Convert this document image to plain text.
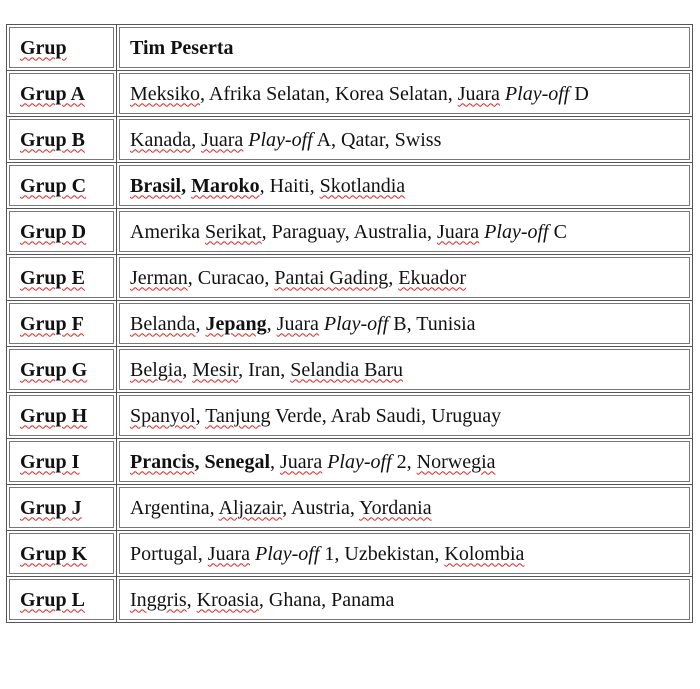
Grup	Tim Peserta
Grup A	Meksiko, Afrika Selatan, Korea Selatan, Juara Play-off D
Grup B	Kanada, Juara Play-off A, Qatar, Swiss
Grup C	Brasil, Maroko, Haiti, Skotlandia
Grup D	Amerika Serikat, Paraguay, Australia, Juara Play-off C
Grup E	Jerman, Curacao, Pantai Gading, Ekuador
Grup F	Belanda, Jepang, Juara Play-off B, Tunisia
Grup G	Belgia, Mesir, Iran, Selandia Baru
Grup H	Spanyol, Tanjung Verde, Arab Saudi, Uruguay
Grup I	Prancis, Senegal, Juara Play-off 2, Norwegia
Grup J	Argentina, Aljazair, Austria, Yordania
Grup K	Portugal, Juara Play-off 1, Uzbekistan, Kolombia
Grup L	Inggris, Kroasia, Ghana, Panama
